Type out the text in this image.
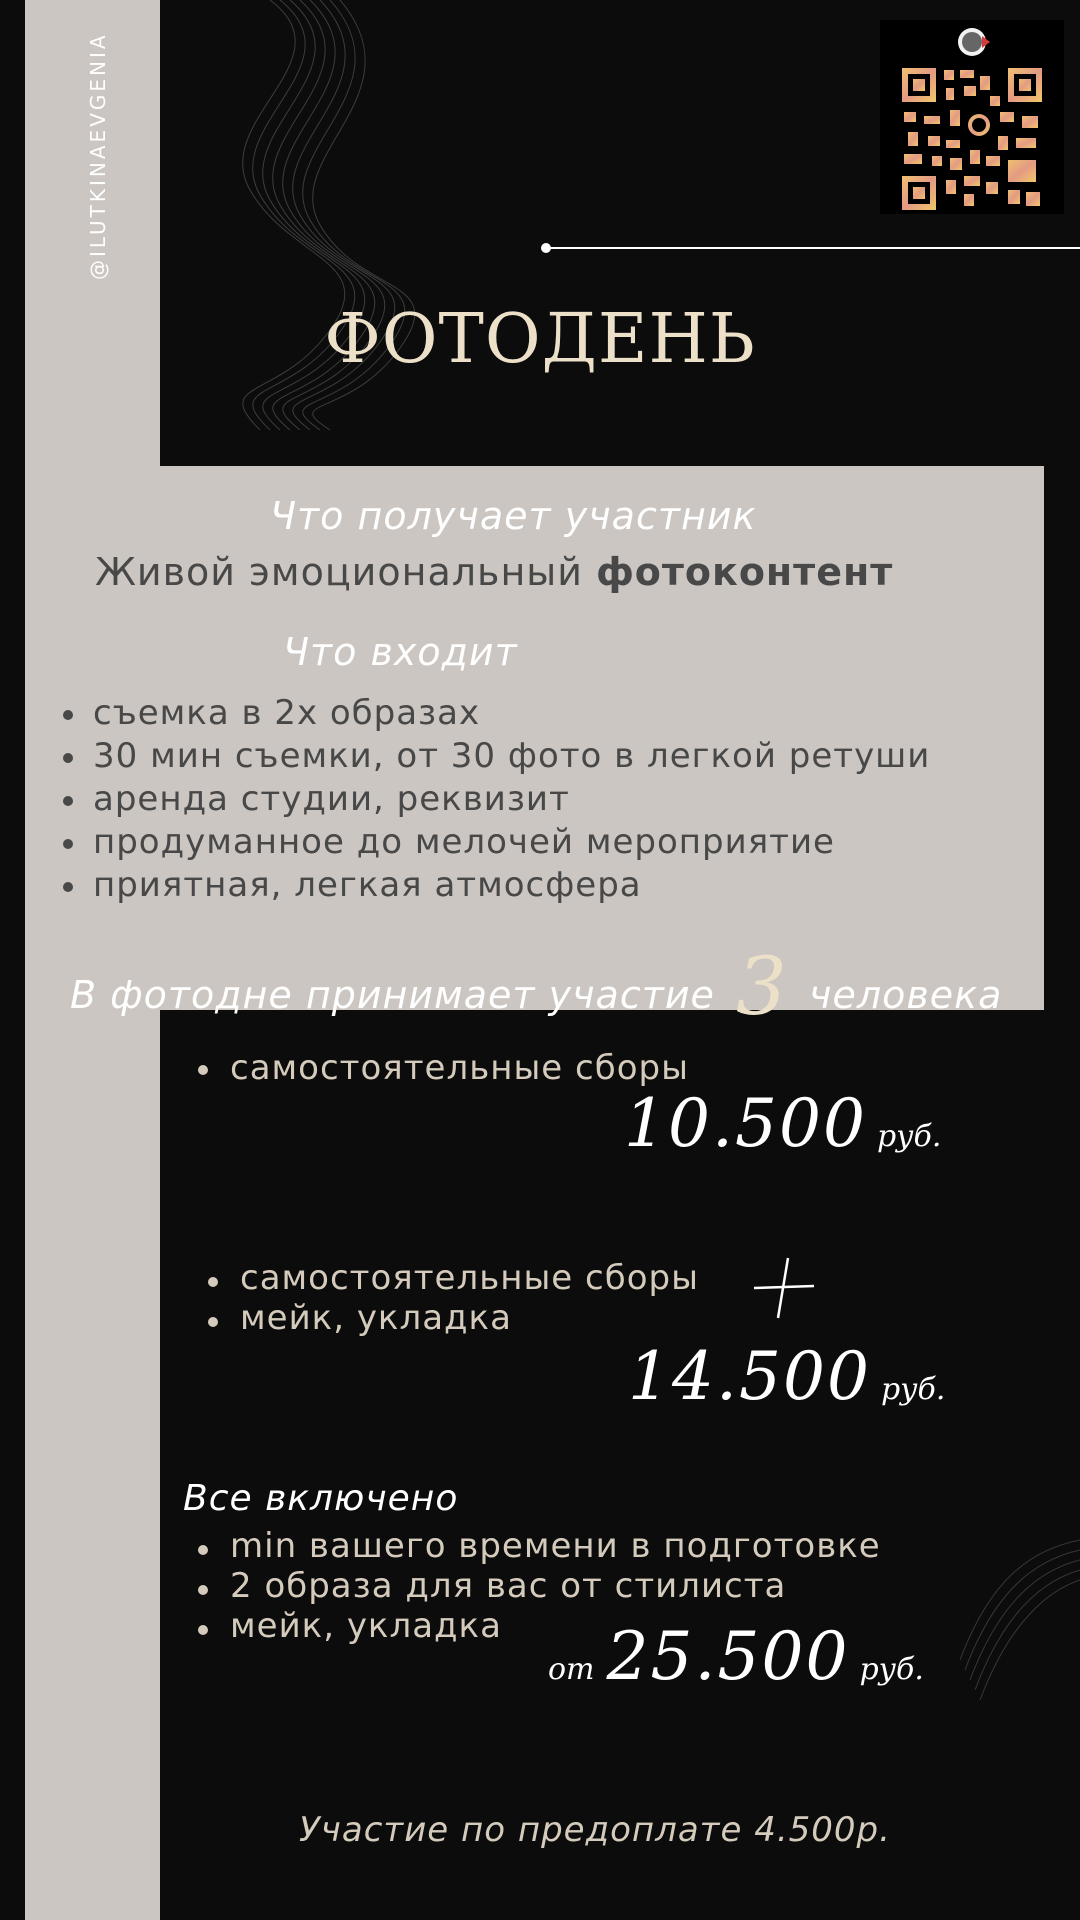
@ILUTKINAEVGENIA
ФОТОДЕНЬ
Что получает участник
Живой эмоциональный фотоконтент
Что входит
съемка в 2х образах
30 мин съемки, от 30 фото в легкой ретуши
аренда студии, реквизит
продуманное до мелочей мероприятие
приятная, легкая атмосфера
В фотодне принимает участие 3 человека
самостоятельные сборы
10.500 руб.
самостоятельные сборы
мейк, укладка
14.500 руб.
Все включено
min вашего времени в подготовке
2 образа для вас от стилиста
мейк, укладка
от 25.500 руб.
Участие по предоплате 4.500р.
